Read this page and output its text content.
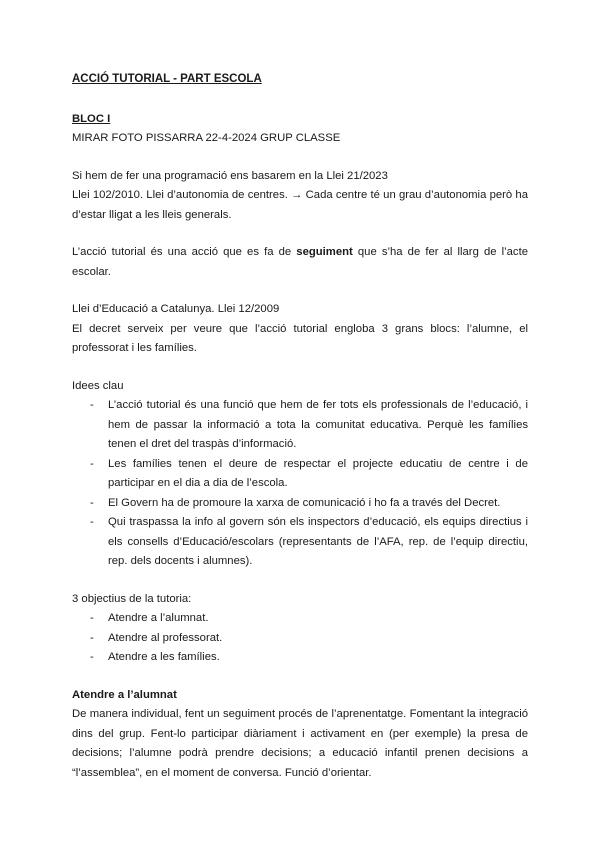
ACCIÓ TUTORIAL - PART ESCOLA

BLOC I

MIRAR FOTO PISSARRA 22-4-2024 GRUP CLASSE

Si hem de fer una programació ens basarem en la Llei 21/2023

Llei 102/2010. Llei d’autonomia de centres. → Cada centre té un grau d’autonomia però ha d’estar lligat a les lleis generals.

L’acció tutorial és una acció que es fa de seguiment que s’ha de fer al llarg de l’acte escolar.

Llei d’Educació a Catalunya. Llei 12/2009

El decret serveix per veure que l’acció tutorial engloba 3 grans blocs: l’alumne, el professorat i les famílies.

Idees clau

- L’acció tutorial és una funció que hem de fer tots els professionals de l’educació, i hem de passar la informació a tota la comunitat educativa. Perquè les famílies tenen el dret del traspàs d’informació.
- Les famílies tenen el deure de respectar el projecte educatiu de centre i de participar en el dia a dia de l’escola.
- El Govern ha de promoure la xarxa de comunicació i ho fa a través del Decret.
- Qui traspassa la info al govern són els inspectors d’educació, els equips directius i els consells d’Educació/escolars (representants de l’AFA, rep. de l’equip directiu, rep. dels docents i alumnes).

3 objectius de la tutoria:

- Atendre a l’alumnat.
- Atendre al professorat.
- Atendre a les famílies.

Atendre a l’alumnat

De manera individual, fent un seguiment procés de l’aprenentatge. Fomentant la integració dins del grup. Fent-lo participar diàriament i activament en (per exemple) la presa de decisions; l’alumne podrà prendre decisions; a educació infantil prenen decisions a “l’assemblea”, en el moment de conversa. Funció d’orientar.
